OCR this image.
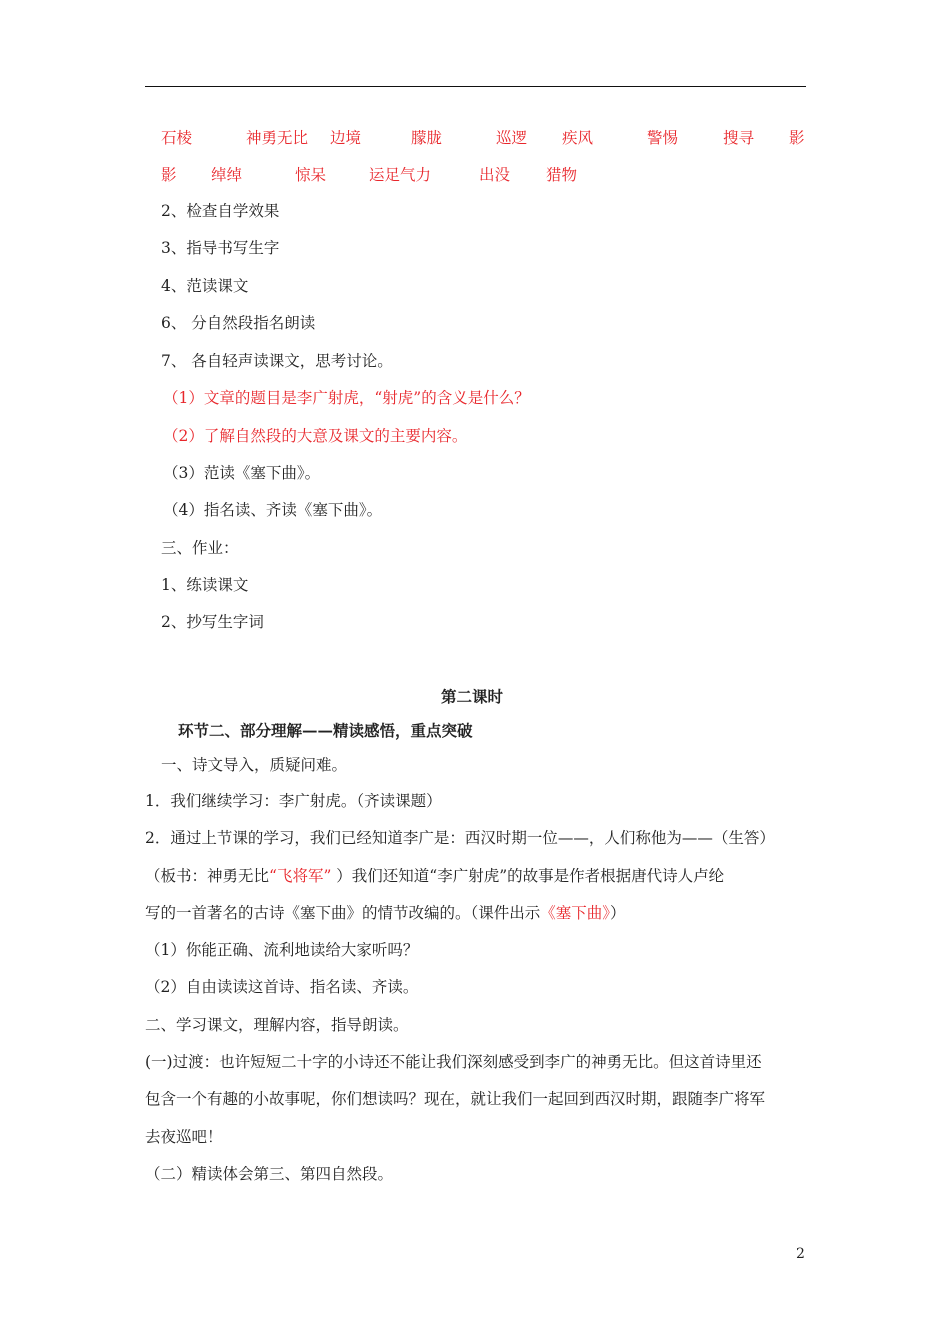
石棱	神勇无比 边境	朦胧	巡逻 疾风	警惕	搜寻 影
影 绰绰	惊呆	运足气力	出没 猎物
2、检查自学效果
3、指导书写生字
4、范读课文
6、 分自然段指名朗读
7、 各自轻声读课文，思考讨论。
（1）文章的题目是李广射虎，“射虎”的含义是什么？
（2）了解自然段的大意及课文的主要内容。
（3）范读《塞下曲》。
（4）指名读、齐读《塞下曲》。
三、作业：
1、练读课文
2、抄写生字词
第二课时
环节二、部分理解——精读感悟，重点突破
一、诗文导入，质疑问难。
1．我们继续学习：李广射虎。（齐读课题）
2．通过上节课的学习，我们已经知道李广是：西汉时期一位——，人们称他为——（生答）
（板书：神勇无比“飞将军” ）我们还知道“李广射虎”的故事是作者根据唐代诗人卢纶
写的一首著名的古诗《塞下曲》的情节改编的。（课件出示《塞下曲》）
（1）你能正确、流利地读给大家听吗？
（2）自由读读这首诗、指名读、齐读。
二、学习课文，理解内容，指导朗读。
(一)过渡：也许短短二十字的小诗还不能让我们深刻感受到李广的神勇无比。但这首诗里还
包含一个有趣的小故事呢，你们想读吗？现在，就让我们一起回到西汉时期，跟随李广将军
去夜巡吧！
（二）精读体会第三、第四自然段。
2
